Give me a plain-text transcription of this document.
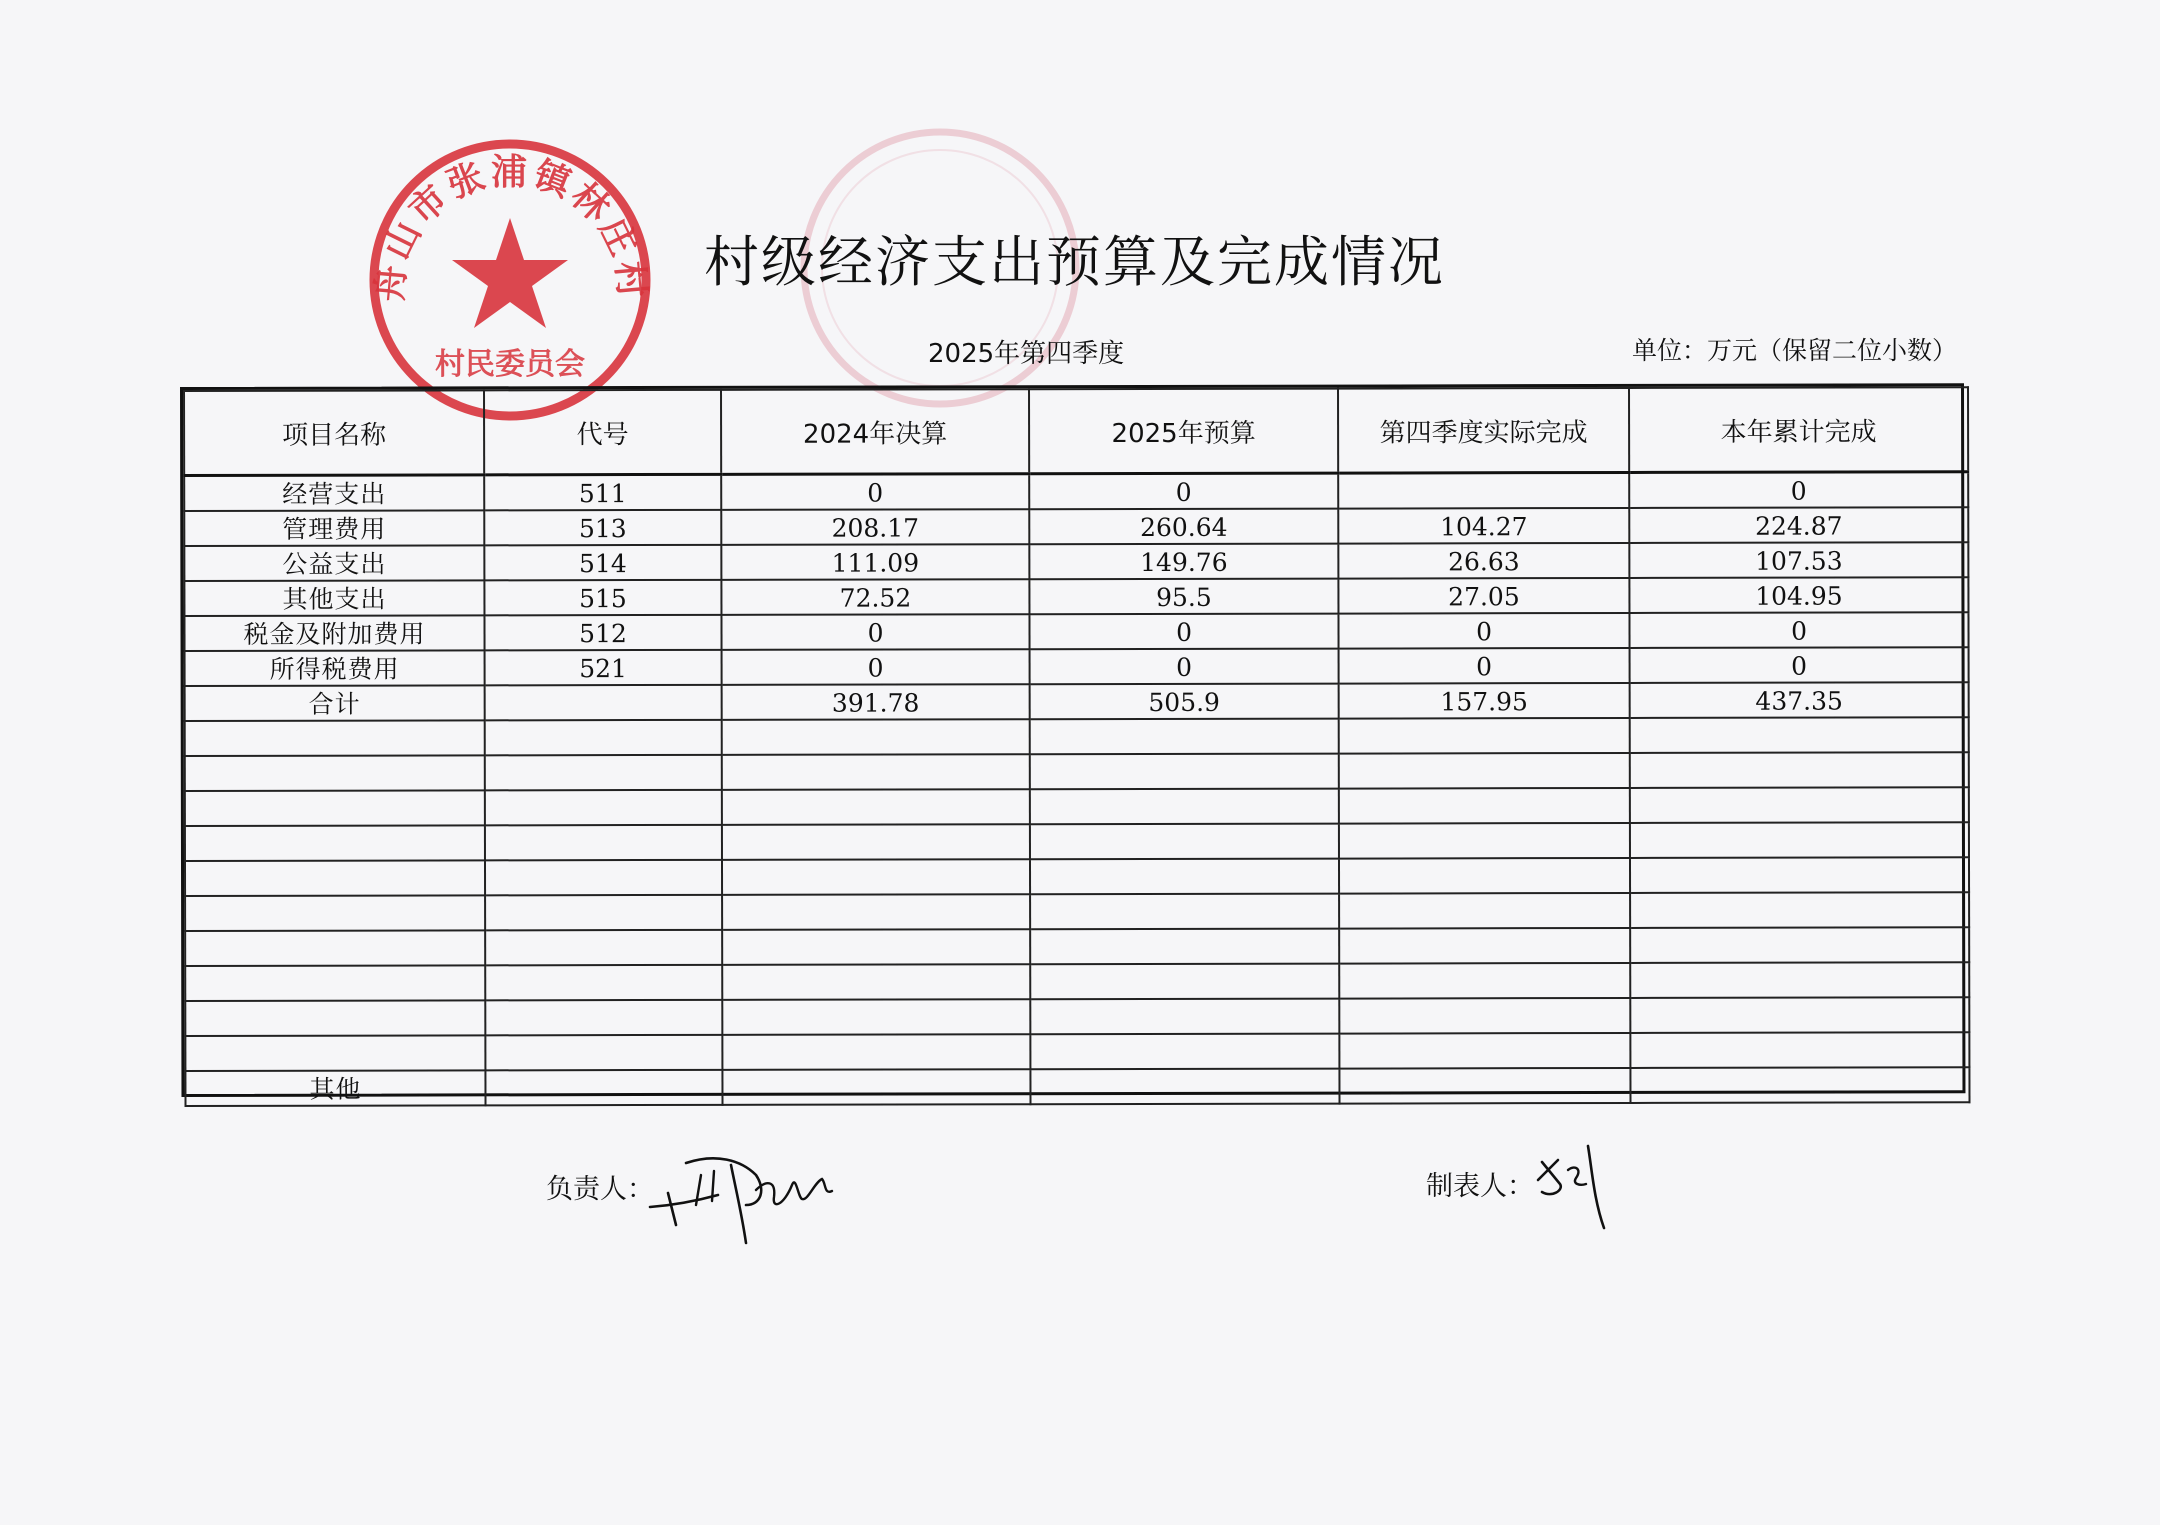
舟山市张浦镇林庄村
村民委员会
村级经济支出预算及完成情况
2025年第四季度	单位：万元（保留二位小数）
项目名称	代号	2024年决算	2025年预算	第四季度实际完成	本年累计完成
经营支出	511	0	0		0
管理费用	513	208.17	260.64	104.27	224.87
公益支出	514	111.09	149.76	26.63	107.53
其他支出	515	72.52	95.5	27.05	104.95
税金及附加费用	512	0	0	0	0
所得税费用	521	0	0	0	0
合计		391.78	505.9	157.95	437.35

其他					
负责人：	制表人：
